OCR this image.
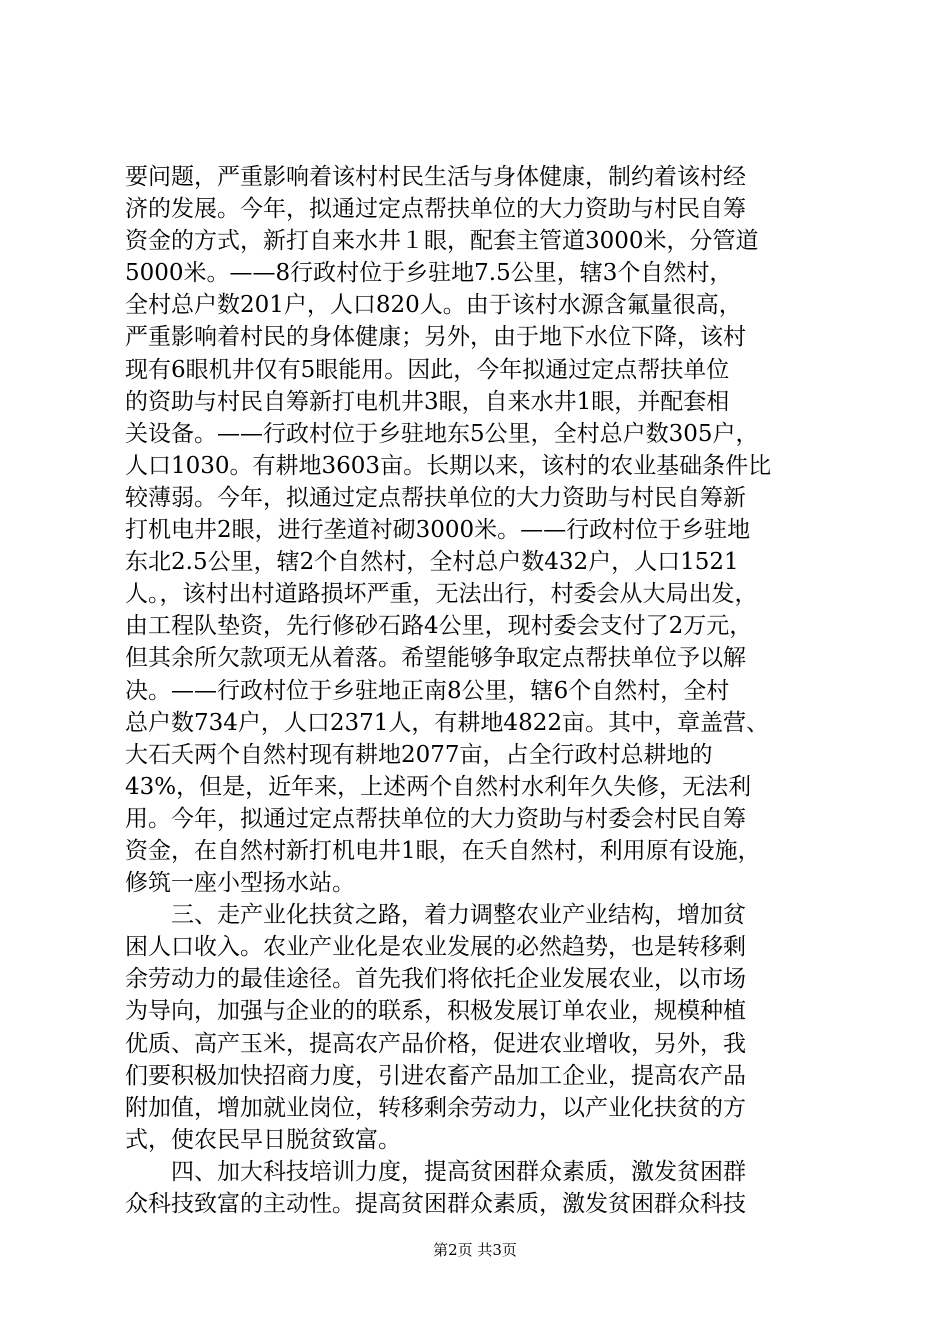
要问题，严重影响着该村村民生活与身体健康，制约着该村经
济的发展。今年，拟通过定点帮扶单位的大力资助与村民自筹
资金的方式，新打自来水井１眼，配套主管道3000米，分管道
5000米。——8行政村位于乡驻地7.5公里，辖3个自然村，
全村总户数201户，人口820人。由于该村水源含氟量很高，
严重影响着村民的身体健康；另外，由于地下水位下降，该村
现有6眼机井仅有5眼能用。因此，今年拟通过定点帮扶单位
的资助与村民自筹新打电机井3眼，自来水井1眼，并配套相
关设备。——行政村位于乡驻地东5公里，全村总户数305户，
人口1030。有耕地3603亩。长期以来，该村的农业基础条件比
较薄弱。今年，拟通过定点帮扶单位的大力资助与村民自筹新
打机电井2眼，进行垄道衬砌3000米。——行政村位于乡驻地
东北2.5公里，辖2个自然村，全村总户数432户，人口1521
人。，该村出村道路损坏严重，无法出行，村委会从大局出发，
由工程队垫资，先行修砂石路4公里，现村委会支付了2万元，
但其余所欠款项无从着落。希望能够争取定点帮扶单位予以解
决。——行政村位于乡驻地正南8公里，辖6个自然村，全村
总户数734户，人口2371人，有耕地4822亩。其中，章盖营、
大石夭两个自然村现有耕地2077亩，占全行政村总耕地的
43%，但是，近年来，上述两个自然村水利年久失修，无法利
用。今年，拟通过定点帮扶单位的大力资助与村委会村民自筹
资金，在自然村新打机电井1眼，在夭自然村，利用原有设施，
修筑一座小型扬水站。
　　三、走产业化扶贫之路，着力调整农业产业结构，增加贫
困人口收入。农业产业化是农业发展的必然趋势，也是转移剩
余劳动力的最佳途径。首先我们将依托企业发展农业，以市场
为导向，加强与企业的的联系，积极发展订单农业，规模种植
优质、高产玉米，提高农产品价格，促进农业增收，另外，我
们要积极加快招商力度，引进农畜产品加工企业，提高农产品
附加值，增加就业岗位，转移剩余劳动力，以产业化扶贫的方
式，使农民早日脱贫致富。
　　四、加大科技培训力度，提高贫困群众素质，激发贫困群
众科技致富的主动性。提高贫困群众素质，激发贫困群众科技
第2页 共3页
